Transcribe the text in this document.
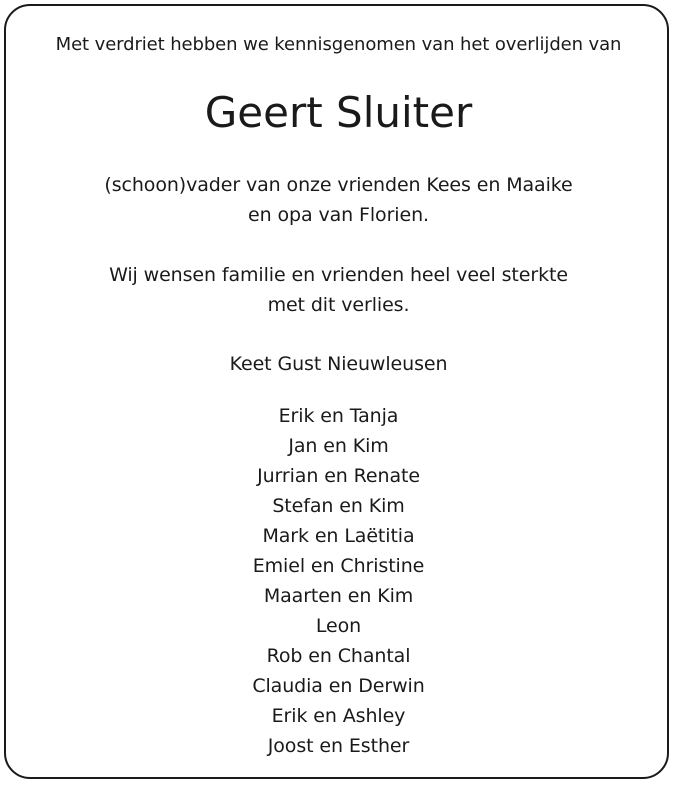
Met verdriet hebben we kennisgenomen van het overlijden van
Geert Sluiter
(schoon)vader van onze vrienden Kees en Maaike
en opa van Florien.
Wij wensen familie en vrienden heel veel sterkte
met dit verlies.
Keet Gust Nieuwleusen
Erik en Tanja
Jan en Kim
Jurrian en Renate
Stefan en Kim
Mark en Laëtitia
Emiel en Christine
Maarten en Kim
Leon
Rob en Chantal
Claudia en Derwin
Erik en Ashley
Joost en Esther
